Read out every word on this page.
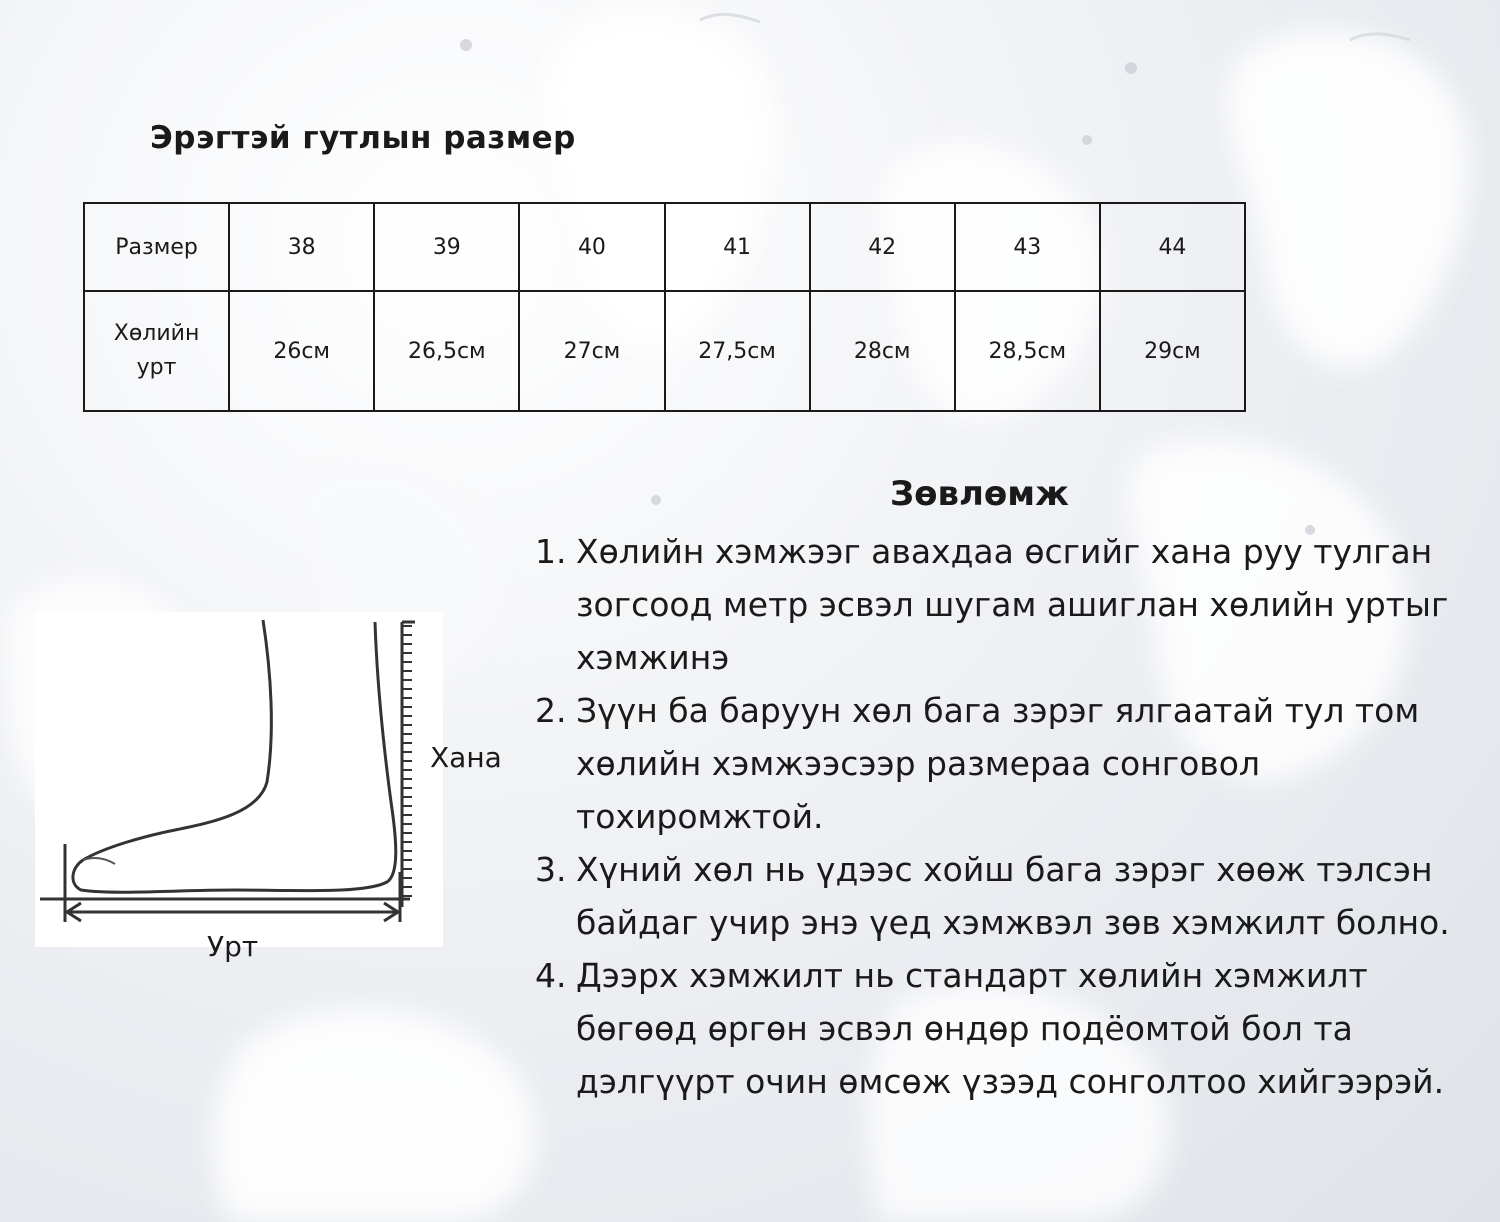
Эрэгтэй гутлын размер
Размер	38	39	40	41	42	43	44
Хөлийн
урт	26см	26,5см	27см	27,5см	28см	28,5см	29см
Хана
Урт
Зөвлөмж
1. Хөлийн хэмжээг авахдаа өсгийг хана руу тулган зогсоод метр эсвэл шугам ашиглан хөлийн уртыг хэмжинэ
2. Зүүн ба баруун хөл бага зэрэг ялгаатай тул том хөлийн хэмжээсээр размераа сонговол тохиромжтой.
3. Хүний хөл нь үдээс хойш бага зэрэг хөөж тэлсэн байдаг учир энэ үед хэмжвэл зөв хэмжилт болно.
4. Дээрх хэмжилт нь стандарт хөлийн хэмжилт бөгөөд өргөн эсвэл өндөр подёомтой бол та дэлгүүрт очин өмсөж үзээд сонголтоо хийгээрэй.
